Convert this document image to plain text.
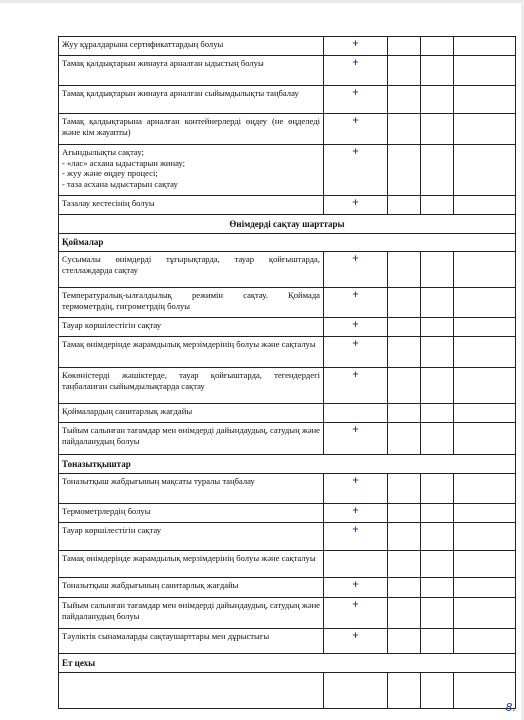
Жуу құралдарына сертификаттардың болуы	+			
Тамақ қалдықтарын жинауға арналған ыдыстың болуы	+			
Тамақ қалдықтарын жинауға арналған сыйымдылықты таңбалау	+			
Тамақ қалдықтарына арналған контейнерлерді өңдеу (не өңделеді және кім жауапты)	+			
Ағындылықты сақтау;
- «лас» асхана ыдыстарын жинау;
- жуу және өңдеу процесі;
- таза асхана ыдыстарын сақтау	+			
Тазалау кестесінің болуы	+			
Өнімдерді сақтау шарттары				
Қоймалар				
Сусымалы өнімдерді тұғырықтарда, тауар қойғыштарда, стеллаждарда сақтау	+			
Температуралық-ылғалдылық режимін сақтау. Қоймада термометрдің, гигрометрдің болуы	+			
Тауар көршілестігін сақтау	+			
Тамақ өнімдерінде жарамдылық мерзімдерінің болуы және сақталуы	+			
Көкөністерді жәшіктерде, тауар қойғыштарда, тегендердегі таңбаланған сыйымдылықтарда сақтау	+			
Қоймалардың санитарлық жағдайы				
Тыйым салынған тағамдар мен өнімдерді дайындаудың, сатудың және пайдаланудың болуы	+			
Тоназытқыштар				
Тоназытқыш жабдығының мақсаты туралы таңбалау	+			
Термометрлердің болуы	+			
Тауар көршілестігін сақтау	+			
Тамақ өнімдерінде жарамдылық мерзімдерінің болуы және сақталуы				
Тоназытқыш жабдығының санитарлық жағдайы	+			
Тыйым салынған тағамдар мен өнімдерді дайындаудың, сатудың және пайдаланудың болуы	+			
Тәуліктік сынамаларды сақтаушарттары мен дұрыстығы	+			
Ет цехы				

8.
